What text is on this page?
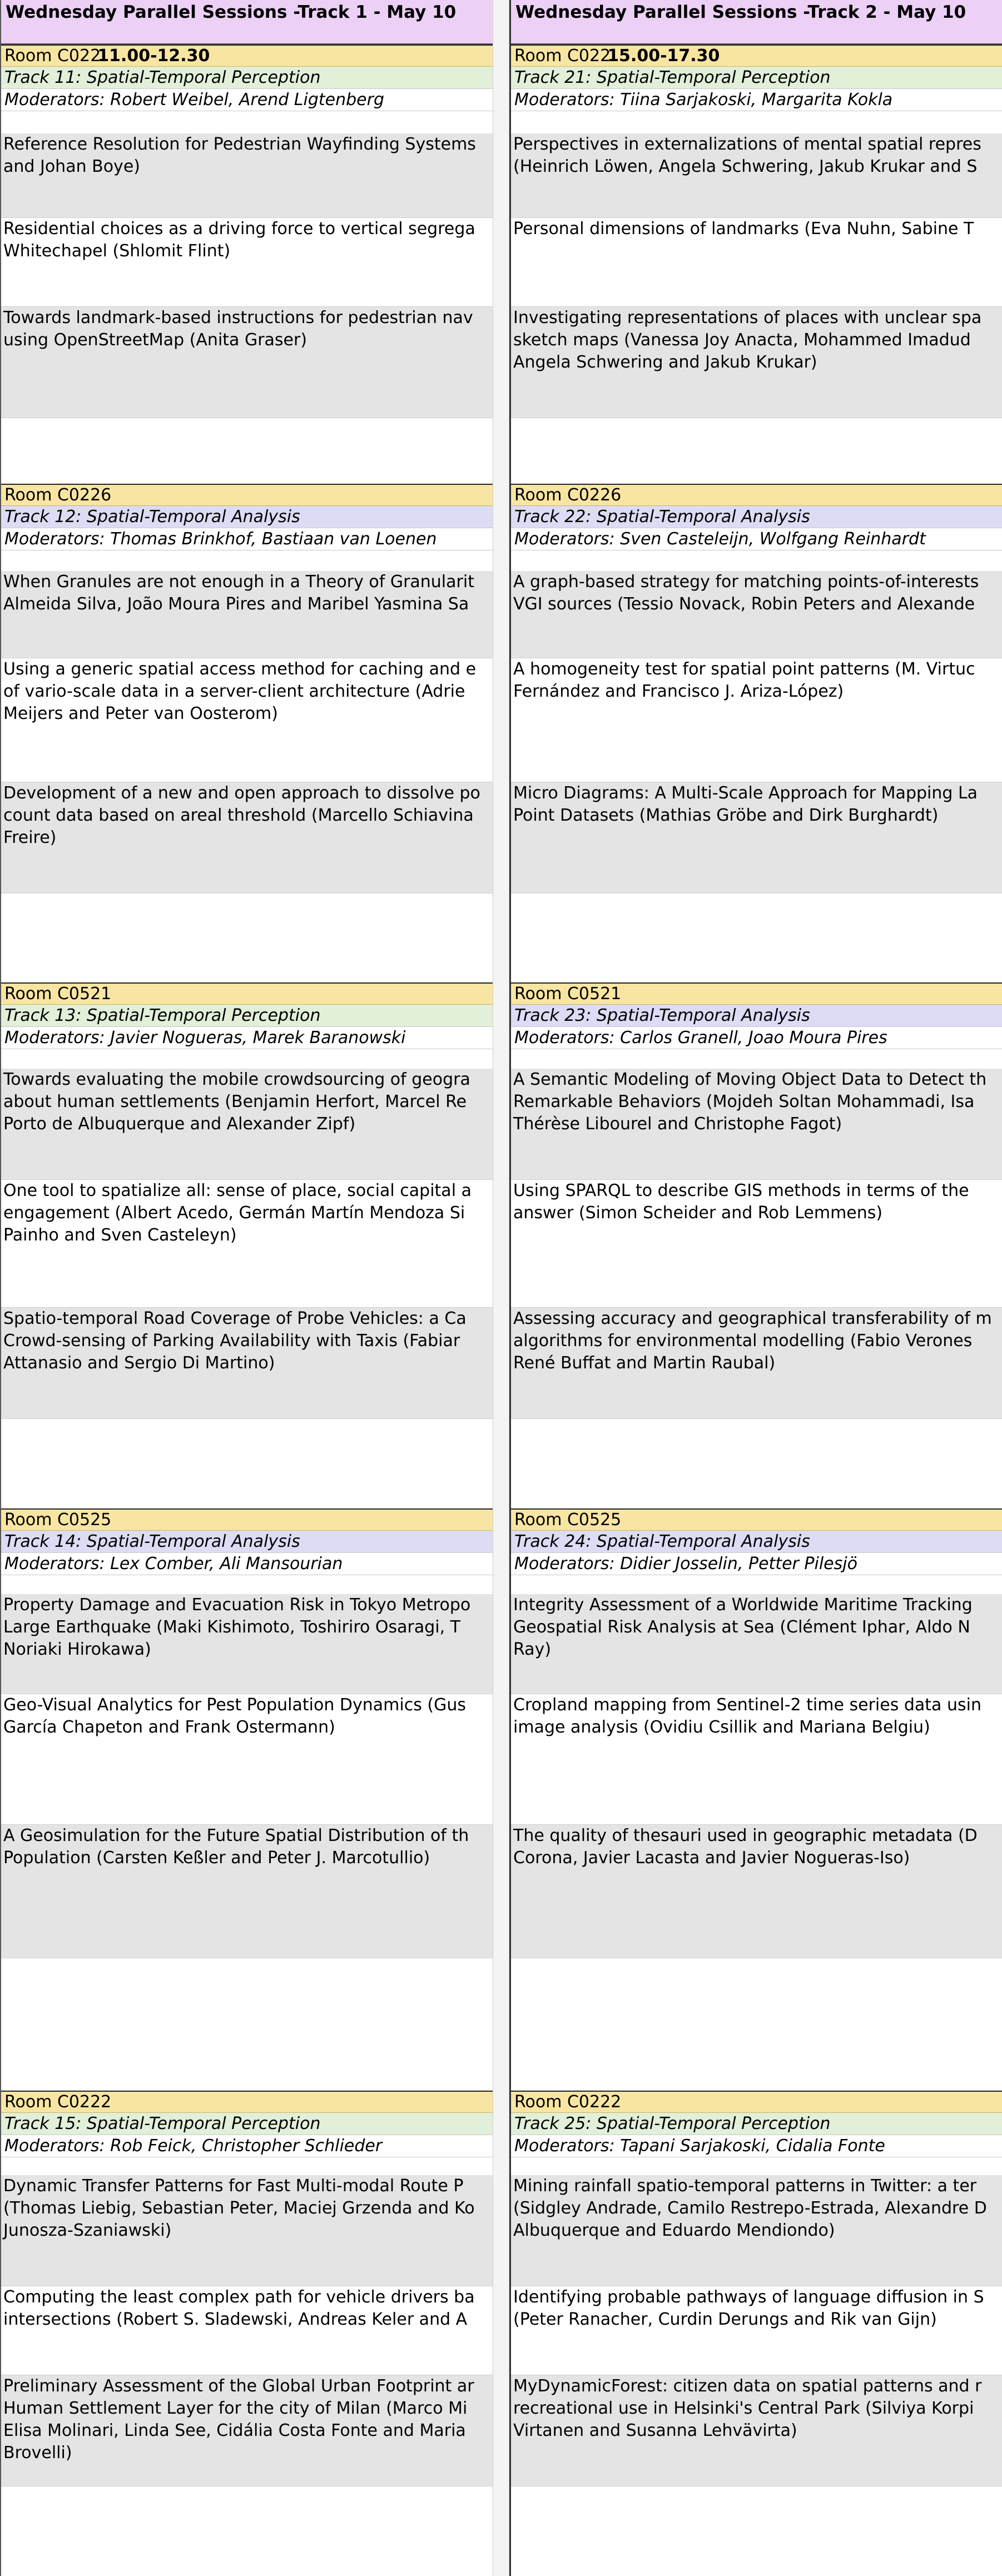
Wednesday Parallel Sessions -Track 1 - May 10
Room C02211.00-12.30
Track 11: Spatial-Temporal Perception
Moderators: Robert Weibel, Arend Ligtenberg
Reference Resolution for Pedestrian Wayfinding Systems
and Johan Boye)
Residential choices as a driving force to vertical segrega
Whitechapel (Shlomit Flint)
Towards landmark-based instructions for pedestrian nav
using OpenStreetMap (Anita Graser)
Room C0226
Track 12: Spatial-Temporal Analysis
Moderators: Thomas Brinkhof, Bastiaan van Loenen
When Granules are not enough in a Theory of Granularit
Almeida Silva, João Moura Pires and Maribel Yasmina Sa
Using a generic spatial access method for caching and e
of vario-scale data in a server-client architecture (Adrie
Meijers and Peter van Oosterom)
Development of a new and open approach to dissolve po
count data based on areal threshold (Marcello Schiavina
Freire)
Room C0521
Track 13: Spatial-Temporal Perception
Moderators: Javier Nogueras, Marek Baranowski
Towards evaluating the mobile crowdsourcing of geogra
about human settlements (Benjamin Herfort, Marcel Re
Porto de Albuquerque and Alexander Zipf)
One tool to spatialize all: sense of place, social capital a
engagement (Albert Acedo, Germán Martín Mendoza Si
Painho and Sven Casteleyn)
Spatio-temporal Road Coverage of Probe Vehicles: a Ca
Crowd-sensing of Parking Availability with Taxis (Fabiar
Attanasio and Sergio Di Martino)
Room C0525
Track 14: Spatial-Temporal Analysis
Moderators: Lex Comber, Ali Mansourian
Property Damage and Evacuation Risk in Tokyo Metropo
Large Earthquake (Maki Kishimoto, Toshiriro Osaragi, T
Noriaki Hirokawa)
Geo-Visual Analytics for Pest Population Dynamics (Gus
García Chapeton and Frank Ostermann)
A Geosimulation for the Future Spatial Distribution of th
Population (Carsten Keßler and Peter J. Marcotullio)
Room C0222
Track 15: Spatial-Temporal Perception
Moderators: Rob Feick, Christopher Schlieder
Dynamic Transfer Patterns for Fast Multi-modal Route P
(Thomas Liebig, Sebastian Peter, Maciej Grzenda and Ko
Junosza-Szaniawski)
Computing the least complex path for vehicle drivers ba
intersections (Robert S. Sladewski, Andreas Keler and A
Preliminary Assessment of the Global Urban Footprint ar
Human Settlement Layer for the city of Milan (Marco Mi
Elisa Molinari, Linda See, Cidália Costa Fonte and Maria
Brovelli)
Wednesday Parallel Sessions -Track 2 - May 10
Room C02215.00-17.30
Track 21: Spatial-Temporal Perception
Moderators: Tiina Sarjakoski, Margarita Kokla
Perspectives in externalizations of mental spatial repres
(Heinrich Löwen, Angela Schwering, Jakub Krukar and S
Personal dimensions of landmarks (Eva Nuhn, Sabine T
Investigating representations of places with unclear spa
sketch maps (Vanessa Joy Anacta, Mohammed Imadud
Angela Schwering and Jakub Krukar)
Room C0226
Track 22: Spatial-Temporal Analysis
Moderators: Sven Casteleijn, Wolfgang Reinhardt
A graph-based strategy for matching points-of-interests
VGI sources (Tessio Novack, Robin Peters and Alexande
A homogeneity test for spatial point patterns (M. Virtuc
Fernández and Francisco J. Ariza-López)
Micro Diagrams: A Multi-Scale Approach for Mapping La
Point Datasets (Mathias Gröbe and Dirk Burghardt)
Room C0521
Track 23: Spatial-Temporal Analysis
Moderators: Carlos Granell, Joao Moura Pires
A Semantic Modeling of Moving Object Data to Detect th
Remarkable Behaviors (Mojdeh Soltan Mohammadi, Isa
Thérèse Libourel and Christophe Fagot)
Using SPARQL to describe GIS methods in terms of the
answer (Simon Scheider and Rob Lemmens)
Assessing accuracy and geographical transferability of m
algorithms for environmental modelling (Fabio Verones
René Buffat and Martin Raubal)
Room C0525
Track 24: Spatial-Temporal Analysis
Moderators: Didier Josselin, Petter Pilesjö
Integrity Assessment of a Worldwide Maritime Tracking
Geospatial Risk Analysis at Sea (Clément Iphar, Aldo N
Ray)
Cropland mapping from Sentinel-2 time series data usin
image analysis (Ovidiu Csillik and Mariana Belgiu)
The quality of thesauri used in geographic metadata (D
Corona, Javier Lacasta and Javier Nogueras-Iso)
Room C0222
Track 25: Spatial-Temporal Perception
Moderators: Tapani Sarjakoski, Cidalia Fonte
Mining rainfall spatio-temporal patterns in Twitter: a ter
(Sidgley Andrade, Camilo Restrepo-Estrada, Alexandre D
Albuquerque and Eduardo Mendiondo)
Identifying probable pathways of language diffusion in S
(Peter Ranacher, Curdin Derungs and Rik van Gijn)
MyDynamicForest: citizen data on spatial patterns and r
recreational use in Helsinki's Central Park (Silviya Korpi
Virtanen and Susanna Lehvävirta)
